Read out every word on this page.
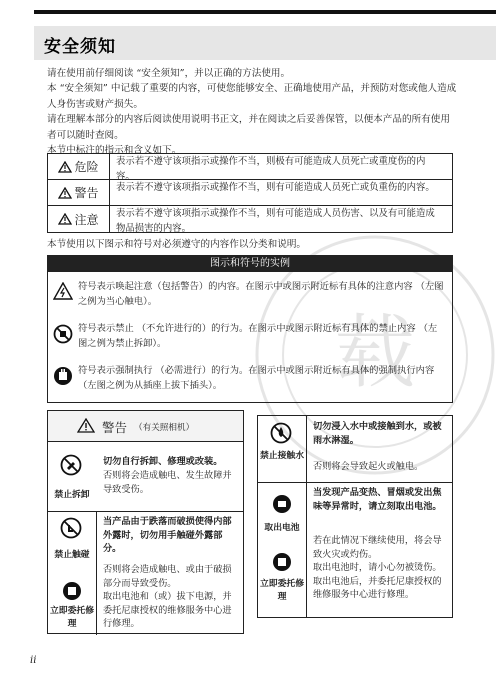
安全须知
载
请在使用前仔细阅读 “安全须知”，并以正确的方法使用。
本 “安全须知” 中记载了重要的内容，可使您能够安全、正确地使用产品，并预防对您或他人造成人身伤害或财产损失。
请在理解本部分的内容后阅读使用说明书正文，并在阅读之后妥善保管，以便本产品的所有使用者可以随时查阅。
本节中标注的指示和含义如下。
危险 表示若不遵守该项指示或操作不当，则极有可能造成人员死亡或重度伤的内容。
警告 表示若不遵守该项指示或操作不当，则有可能造成人员死亡或负重伤的内容。
注意 表示若不遵守该项指示或操作不当，则有可能造成人员伤害、以及有可能造成物品损害的内容。
本节使用以下图示和符号对必须遵守的内容作以分类和说明。
图示和符号的实例
符号表示唤起注意（包括警告）的内容。在图示中或图示附近标有具体的注意内容 （左图之例为当心触电）。
符号表示禁止 （不允许进行的）的行为。在图示中或图示附近标有具体的禁止内容 （左图之例为禁止拆卸）。
符号表示强制执行 （必需进行）的行为。在图示中或图示附近标有具体的强制执行内容 （左图之例为从插座上拔下插头）。
警告 （有关照相机）
禁止拆卸
切勿自行拆卸、修理或改装。
否则将会造成触电、发生故障并导致受伤。
禁止触碰
立即委托修理
当产品由于跌落而破损使得内部外露时，切勿用手触碰外露部分。
否则将会造成触电、或由于破损部分而导致受伤。
取出电池和（或）拔下电源，并委托尼康授权的维修服务中心进行修理。
禁止接触水
切勿浸入水中或接触到水，或被雨水淋湿。
否则将会导致起火或触电。
取出电池
立即委托修理
当发现产品变热、冒烟或发出焦味等异常时，请立刻取出电池。
若在此情况下继续使用，将会导致火灾或灼伤。
取出电池时，请小心勿被烫伤。
取出电池后，并委托尼康授权的维修服务中心进行修理。
ii
